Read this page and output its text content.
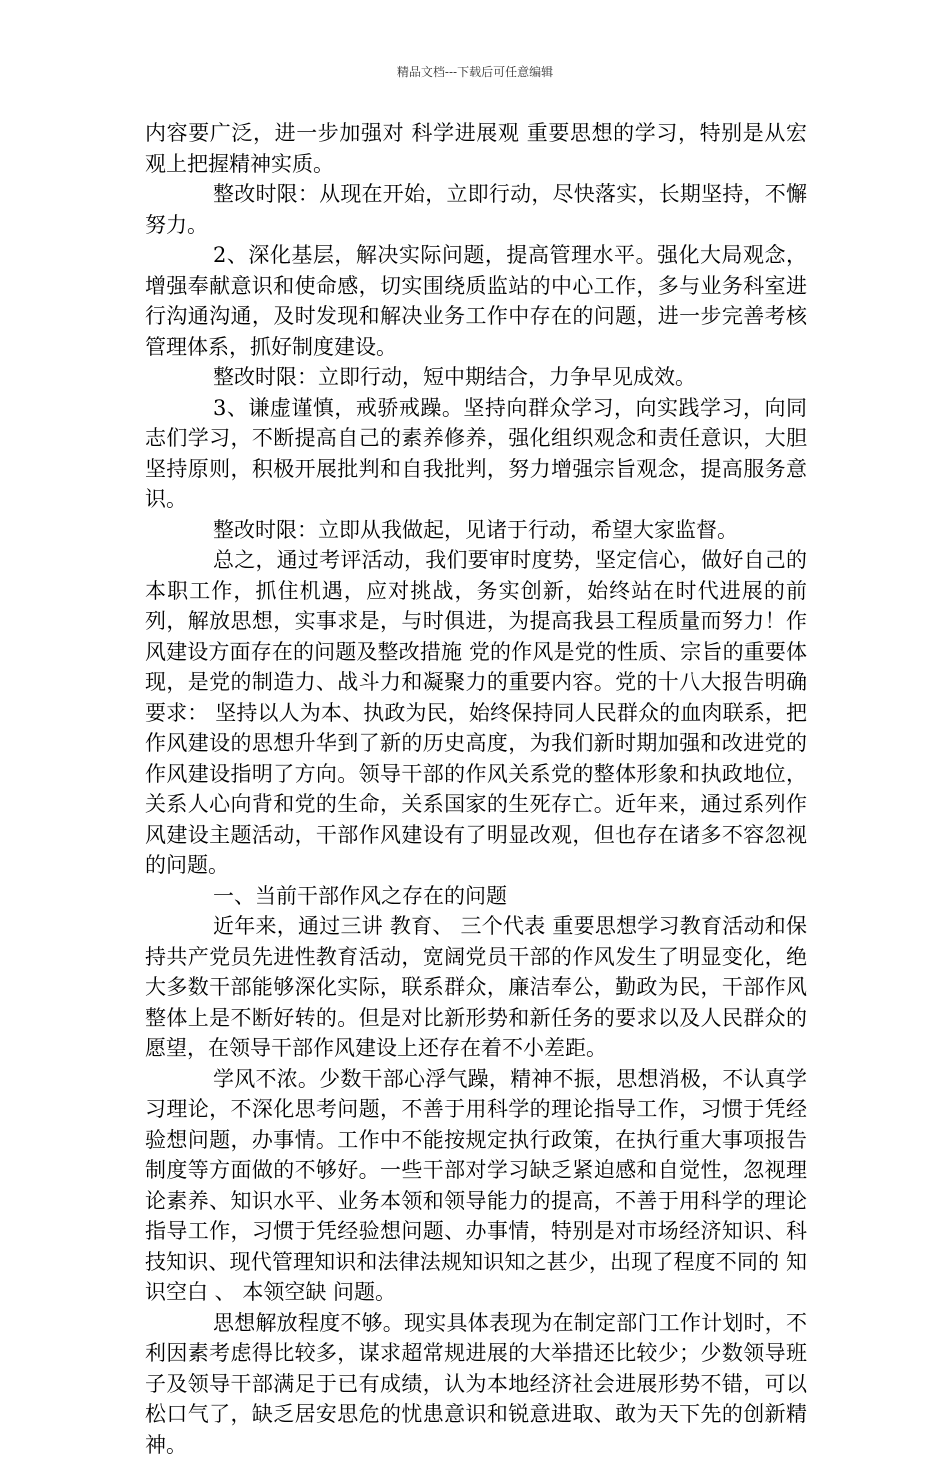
精品文档---下载后可任意编辑

内容要广泛，进一步加强对 科学进展观 重要思想的学习，特别是从宏观上把握精神实质。

整改时限：从现在开始，立即行动，尽快落实，长期坚持，不懈努力。

2、深化基层，解决实际问题，提高管理水平。强化大局观念，增强奉献意识和使命感，切实围绕质监站的中心工作，多与业务科室进行沟通沟通，及时发现和解决业务工作中存在的问题，进一步完善考核管理体系，抓好制度建设。

整改时限：立即行动，短中期结合，力争早见成效。

3、谦虚谨慎，戒骄戒躁。坚持向群众学习，向实践学习，向同志们学习，不断提高自己的素养修养，强化组织观念和责任意识，大胆坚持原则，积极开展批判和自我批判，努力增强宗旨观念，提高服务意识。

整改时限：立即从我做起，见诸于行动，希望大家监督。

总之，通过考评活动，我们要审时度势，坚定信心，做好自己的本职工作，抓住机遇，应对挑战，务实创新，始终站在时代进展的前列，解放思想，实事求是，与时俱进，为提高我县工程质量而努力！作风建设方面存在的问题及整改措施 党的作风是党的性质、宗旨的重要体现，是党的制造力、战斗力和凝聚力的重要内容。党的十八大报告明确要求： 坚持以人为本、执政为民，始终保持同人民群众的血肉联系，把作风建设的思想升华到了新的历史高度，为我们新时期加强和改进党的作风建设指明了方向。领导干部的作风关系党的整体形象和执政地位，关系人心向背和党的生命，关系国家的生死存亡。近年来，通过系列作风建设主题活动，干部作风建设有了明显改观，但也存在诸多不容忽视的问题。

一、当前干部作风之存在的问题

近年来，通过三讲 教育、 三个代表 重要思想学习教育活动和保持共产党员先进性教育活动，宽阔党员干部的作风发生了明显变化，绝大多数干部能够深化实际，联系群众，廉洁奉公，勤政为民，干部作风整体上是不断好转的。但是对比新形势和新任务的要求以及人民群众的愿望，在领导干部作风建设上还存在着不小差距。

学风不浓。少数干部心浮气躁，精神不振，思想消极，不认真学习理论，不深化思考问题，不善于用科学的理论指导工作，习惯于凭经验想问题，办事情。工作中不能按规定执行政策，在执行重大事项报告制度等方面做的不够好。一些干部对学习缺乏紧迫感和自觉性，忽视理论素养、知识水平、业务本领和领导能力的提高，不善于用科学的理论指导工作，习惯于凭经验想问题、办事情，特别是对市场经济知识、科技知识、现代管理知识和法律法规知识知之甚少，出现了程度不同的 知识空白 、 本领空缺 问题。

思想解放程度不够。现实具体表现为在制定部门工作计划时，不利因素考虑得比较多，谋求超常规进展的大举措还比较少；少数领导班子及领导干部满足于已有成绩，认为本地经济社会进展形势不错，可以松口气了，缺乏居安思危的忧患意识和锐意进取、敢为天下先的创新精神。
